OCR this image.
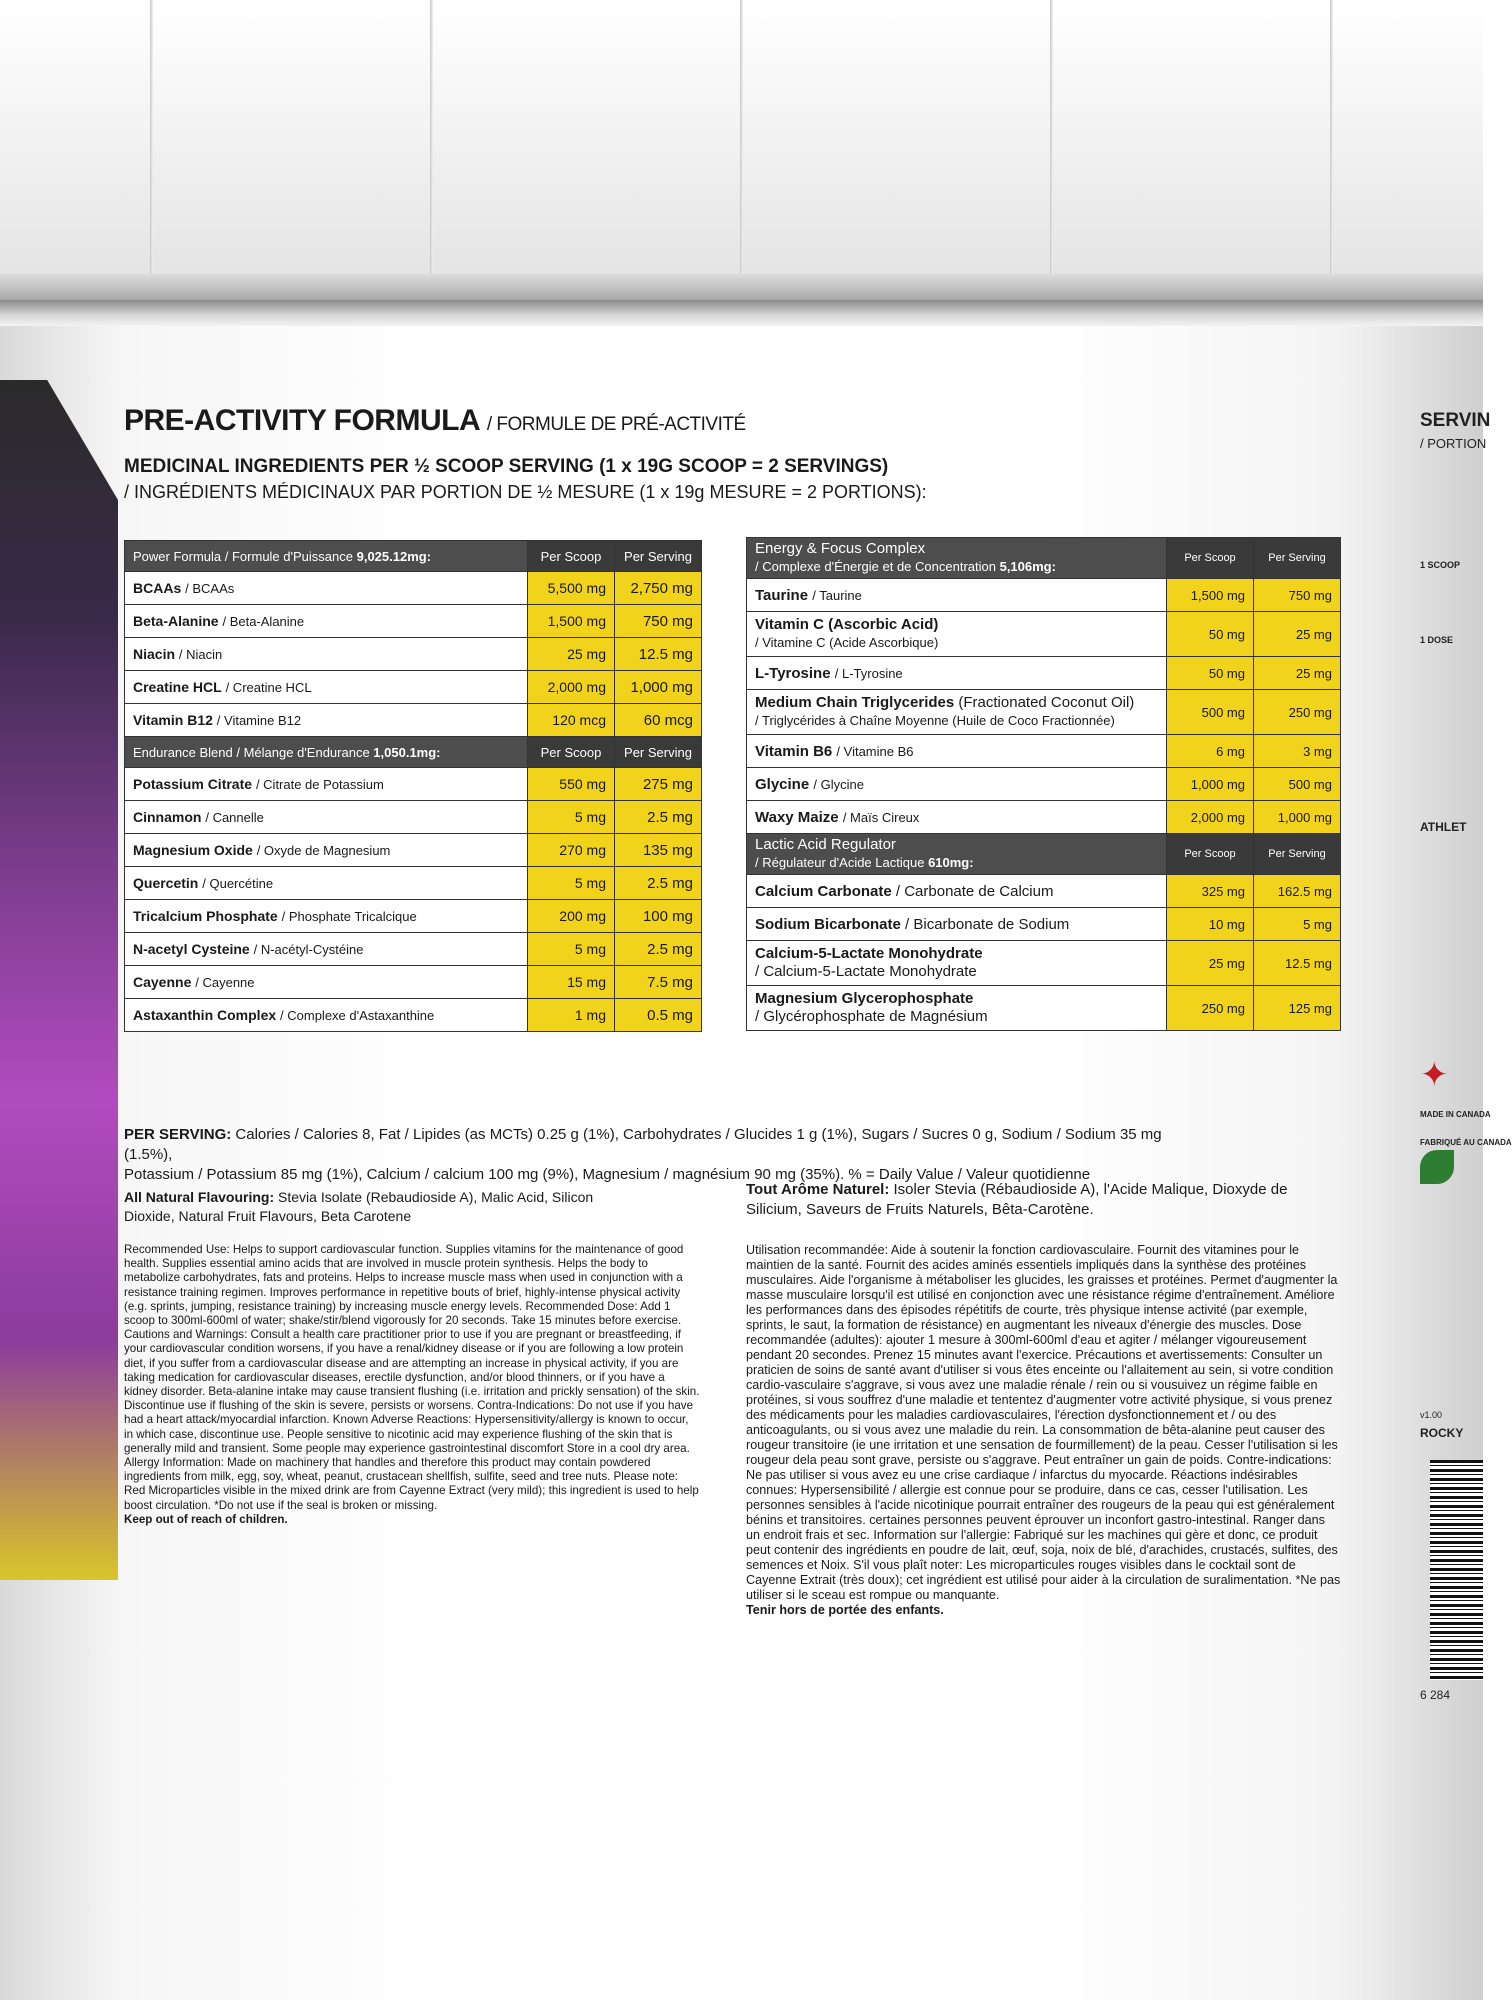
SERVIN
/ PORTION
1 SCOOP
1 DOSE
ATHLET
✦
MADE IN CANADA
FABRIQUÉ AU CANADA
v1.00
ROCKY
6 284
PRE-ACTIVITY FORMULA / FORMULE DE PRÉ-ACTIVITÉ
MEDICINAL INGREDIENTS PER ½ SCOOP SERVING (1 x 19G SCOOP = 2 SERVINGS)
/ INGRÉDIENTS MÉDICINAUX PAR PORTION DE ½ MESURE (1 x 19g MESURE = 2 PORTIONS):
Power Formula / Formule d'Puissance 9,025.12mg:	Per Scoop	Per Serving
BCAAs / BCAAs	5,500 mg	2,750 mg
Beta-Alanine / Beta-Alanine	1,500 mg	750 mg
Niacin / Niacin	25 mg	12.5 mg
Creatine HCL / Creatine HCL	2,000 mg	1,000 mg
Vitamin B12 / Vitamine B12	120 mcg	60 mcg
Endurance Blend / Mélange d'Endurance 1,050.1mg:	Per Scoop	Per Serving
Potassium Citrate / Citrate de Potassium	550 mg	275 mg
Cinnamon / Cannelle	5 mg	2.5 mg
Magnesium Oxide / Oxyde de Magnesium	270 mg	135 mg
Quercetin / Quercétine	5 mg	2.5 mg
Tricalcium Phosphate / Phosphate Tricalcique	200 mg	100 mg
N-acetyl Cysteine / N-acétyl-Cystéine	5 mg	2.5 mg
Cayenne / Cayenne	15 mg	7.5 mg
Astaxanthin Complex / Complexe d'Astaxanthine	1 mg	0.5 mg
Energy & Focus Complex
/ Complexe d'Énergie et de Concentration 5,106mg:	Per Scoop	Per Serving
Taurine / Taurine	1,500 mg	750 mg
Vitamin C (Ascorbic Acid)
/ Vitamine C (Acide Ascorbique)	50 mg	25 mg
L-Tyrosine / L-Tyrosine	50 mg	25 mg
Medium Chain Triglycerides (Fractionated Coconut Oil)
/ Triglycérides à Chaîne Moyenne (Huile de Coco Fractionnée)	500 mg	250 mg
Vitamin B6 / Vitamine B6	6 mg	3 mg
Glycine / Glycine	1,000 mg	500 mg
Waxy Maize / Maïs Cireux	2,000 mg	1,000 mg

Lactic Acid Regulator
/ Régulateur d'Acide Lactique 610mg:	Per Scoop	Per Serving
Calcium Carbonate / Carbonate de Calcium	325 mg	162.5 mg
Sodium Bicarbonate / Bicarbonate de Sodium	10 mg	5 mg
Calcium-5-Lactate Monohydrate
/ Calcium-5-Lactate Monohydrate	25 mg	12.5 mg
Magnesium Glycerophosphate
/ Glycérophosphate de Magnésium	250 mg	125 mg
PER SERVING: Calories / Calories 8, Fat / Lipides (as MCTs) 0.25 g (1%), Carbohydrates / Glucides 1 g (1%), Sugars / Sucres 0 g, Sodium / Sodium 35 mg (1.5%),
Potassium / Potassium 85 mg (1%), Calcium / calcium 100 mg (9%), Magnesium / magnésium 90 mg (35%). % = Daily Value / Valeur quotidienne
All Natural Flavouring: Stevia Isolate (Rebaudioside A), Malic Acid, Silicon Dioxide, Natural Fruit Flavours, Beta Carotene
Tout Arôme Naturel: Isoler Stevia (Rébaudioside A), l'Acide Malique, Dioxyde de Silicium, Saveurs de Fruits Naturels, Bêta-Carotène.
Recommended Use: Helps to support cardiovascular function. Supplies vitamins for the maintenance of good health. Supplies essential amino acids that are involved in muscle protein synthesis. Helps the body to metabolize carbohydrates, fats and proteins. Helps to increase muscle mass when used in conjunction with a resistance training regimen. Improves performance in repetitive bouts of brief, highly-intense physical activity (e.g. sprints, jumping, resistance training) by increasing muscle energy levels. Recommended Dose: Add 1 scoop to 300ml-600ml of water; shake/stir/blend vigorously for 20 seconds. Take 15 minutes before exercise. Cautions and Warnings: Consult a health care practitioner prior to use if you are pregnant or breastfeeding, if your cardiovascular condition worsens, if you have a renal/kidney disease or if you are following a low protein diet, if you suffer from a cardiovascular disease and are attempting an increase in physical activity, if you are taking medication for cardiovascular diseases, erectile dysfunction, and/or blood thinners, or if you have a kidney disorder. Beta-alanine intake may cause transient flushing (i.e. irritation and prickly sensation) of the skin. Discontinue use if flushing of the skin is severe, persists or worsens. Contra-Indications: Do not use if you have had a heart attack/myocardial infarction. Known Adverse Reactions: Hypersensitivity/allergy is known to occur, in which case, discontinue use. People sensitive to nicotinic acid may experience flushing of the skin that is generally mild and transient. Some people may experience gastrointestinal discomfort Store in a cool dry area. Allergy Information: Made on machinery that handles and therefore this product may contain powdered ingredients from milk, egg, soy, wheat, peanut, crustacean shellfish, sulfite, seed and tree nuts. Please note: Red Microparticles visible in the mixed drink are from Cayenne Extract (very mild); this ingredient is used to help boost circulation. *Do not use if the seal is broken or missing.
Keep out of reach of children.
Utilisation recommandée: Aide à soutenir la fonction cardiovasculaire. Fournit des vitamines pour le maintien de la santé. Fournit des acides aminés essentiels impliqués dans la synthèse des protéines musculaires. Aide l'organisme à métaboliser les glucides, les graisses et protéines. Permet d'augmenter la masse musculaire lorsqu'il est utilisé en conjonction avec une résistance régime d'entraînement. Améliore les performances dans des épisodes répétitifs de courte, très physique intense activité (par exemple, sprints, le saut, la formation de résistance) en augmentant les niveaux d'énergie des muscles. Dose recommandée (adultes): ajouter 1 mesure à 300ml-600ml d'eau et agiter / mélanger vigoureusement pendant 20 secondes. Prenez 15 minutes avant l'exercice. Précautions et avertissements: Consulter un praticien de soins de santé avant d'utiliser si vous êtes enceinte ou l'allaitement au sein, si votre condition cardio-vasculaire s'aggrave, si vous avez une maladie rénale / rein ou si vousuivez un régime faible en protéines, si vous souffrez d'une maladie et tententez d'augmenter votre activité physique, si vous prenez des médicaments pour les maladies cardiovasculaires, l'érection dysfonctionnement et / ou des anticoagulants, ou si vous avez une maladie du rein. La consommation de bêta-alanine peut causer des rougeur transitoire (ie une irritation et une sensation de fourmillement) de la peau. Cesser l'utilisation si les rougeur dela peau sont grave, persiste ou s'aggrave. Peut entraîner un gain de poids. Contre-indications: Ne pas utiliser si vous avez eu une crise cardiaque / infarctus du myocarde. Réactions indésirables connues: Hypersensibilité / allergie est connue pour se produire, dans ce cas, cesser l'utilisation. Les personnes sensibles à l'acide nicotinique pourrait entraîner des rougeurs de la peau qui est généralement bénins et transitoires. certaines personnes peuvent éprouver un inconfort gastro-intestinal. Ranger dans un endroit frais et sec. Information sur l'allergie: Fabriqué sur les machines qui gère et donc, ce produit peut contenir des ingrédients en poudre de lait, œuf, soja, noix de blé, d'arachides, crustacés, sulfites, des semences et Noix. S'il vous plaît noter: Les microparticules rouges visibles dans le cocktail sont de Cayenne Extrait (très doux); cet ingrédient est utilisé pour aider à la circulation de suralimentation. *Ne pas utiliser si le sceau est rompue ou manquante.
Tenir hors de portée des enfants.
